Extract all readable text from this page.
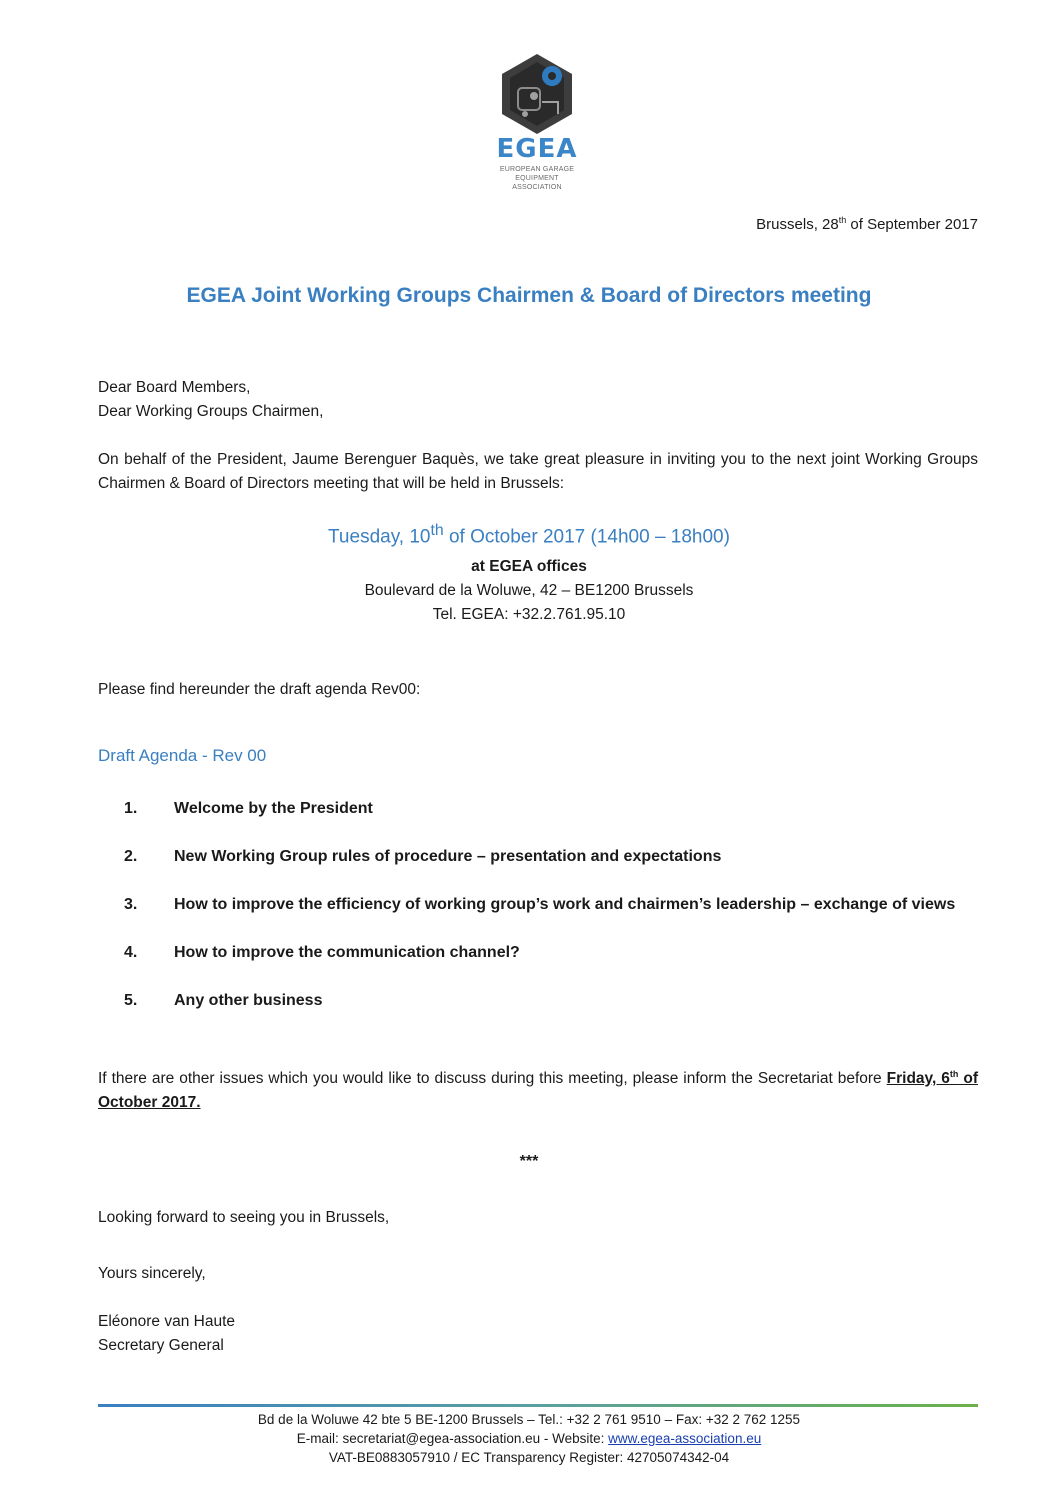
EGEA
EUROPEAN GARAGE EQUIPMENT
ASSOCIATION
Brussels, 28th of September 2017
EGEA Joint Working Groups Chairmen & Board of Directors meeting
Dear Board Members,
Dear Working Groups Chairmen,
On behalf of the President, Jaume Berenguer Baquès, we take great pleasure in inviting you to the next joint Working Groups Chairmen & Board of Directors meeting that will be held in Brussels:
Tuesday, 10th of October 2017 (14h00 – 18h00)
at EGEA offices
Boulevard de la Woluwe, 42 – BE1200 Brussels
Tel. EGEA: +32.2.761.95.10
Please find hereunder the draft agenda Rev00:
Draft Agenda - Rev 00
1. Welcome by the President
2. New Working Group rules of procedure – presentation and expectations
3. How to improve the efficiency of working group’s work and chairmen’s leadership – exchange of views
4. How to improve the communication channel?
5. Any other business
If there are other issues which you would like to discuss during this meeting, please inform the Secretariat before Friday, 6th of October 2017.
***
Looking forward to seeing you in Brussels,
Yours sincerely,
Eléonore van Haute
Secretary General
Bd de la Woluwe 42 bte 5 BE-1200 Brussels – Tel.: +32 2 761 9510 – Fax: +32 2 762 1255
E-mail: secretariat@egea-association.eu - Website: www.egea-association.eu
VAT-BE0883057910 / EC Transparency Register: 42705074342-04
